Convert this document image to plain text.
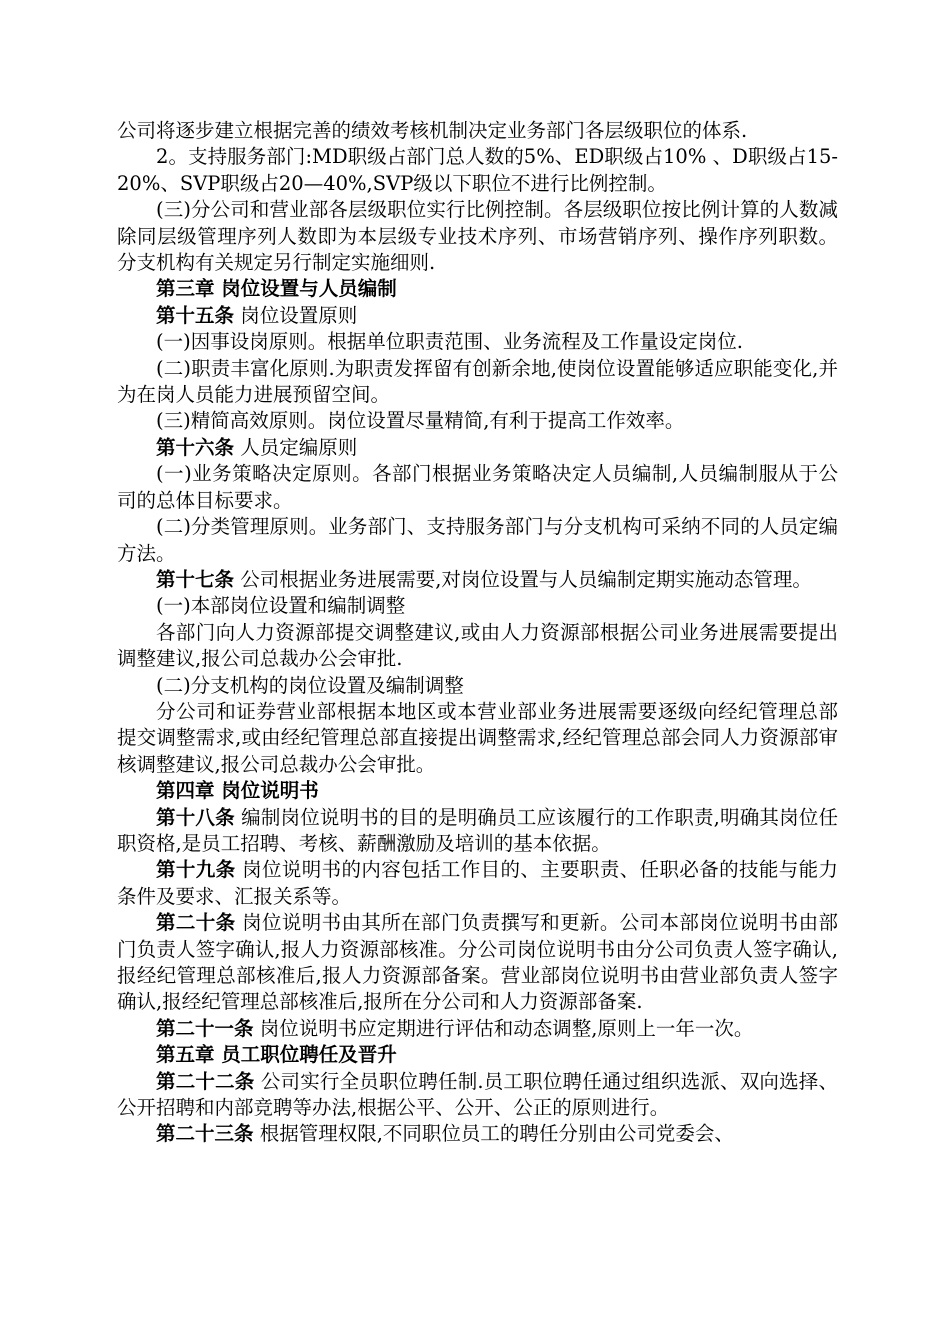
公司将逐步建立根据完善的绩效考核机制决定业务部门各层级职位的体系.

2。支持服务部门:MD职级占部门总人数的5%、ED职级占10% 、D职级占15-20%、SVP职级占20—40%,SVP级以下职位不进行比例控制。

(三)分公司和营业部各层级职位实行比例控制。各层级职位按比例计算的人数减除同层级管理序列人数即为本层级专业技术序列、市场营销序列、操作序列职数。分支机构有关规定另行制定实施细则.

第三章 岗位设置与人员编制

第十五条 岗位设置原则

(一)因事设岗原则。根据单位职责范围、业务流程及工作量设定岗位.

(二)职责丰富化原则.为职责发挥留有创新余地,使岗位设置能够适应职能变化,并为在岗人员能力进展预留空间。

(三)精简高效原则。岗位设置尽量精简,有利于提高工作效率。

第十六条 人员定编原则

(一)业务策略决定原则。各部门根据业务策略决定人员编制,人员编制服从于公司的总体目标要求。

(二)分类管理原则。业务部门、支持服务部门与分支机构可采纳不同的人员定编方法。

第十七条 公司根据业务进展需要,对岗位设置与人员编制定期实施动态管理。

(一)本部岗位设置和编制调整

各部门向人力资源部提交调整建议,或由人力资源部根据公司业务进展需要提出调整建议,报公司总裁办公会审批.

(二)分支机构的岗位设置及编制调整

分公司和证券营业部根据本地区或本营业部业务进展需要逐级向经纪管理总部提交调整需求,或由经纪管理总部直接提出调整需求,经纪管理总部会同人力资源部审核调整建议,报公司总裁办公会审批。

第四章 岗位说明书

第十八条 编制岗位说明书的目的是明确员工应该履行的工作职责,明确其岗位任职资格,是员工招聘、考核、薪酬激励及培训的基本依据。

第十九条 岗位说明书的内容包括工作目的、主要职责、任职必备的技能与能力条件及要求、汇报关系等。

第二十条 岗位说明书由其所在部门负责撰写和更新。公司本部岗位说明书由部门负责人签字确认,报人力资源部核准。分公司岗位说明书由分公司负责人签字确认,报经纪管理总部核准后,报人力资源部备案。营业部岗位说明书由营业部负责人签字确认,报经纪管理总部核准后,报所在分公司和人力资源部备案.

第二十一条 岗位说明书应定期进行评估和动态调整,原则上一年一次。

第五章 员工职位聘任及晋升

第二十二条 公司实行全员职位聘任制.员工职位聘任通过组织选派、双向选择、公开招聘和内部竞聘等办法,根据公平、公开、公正的原则进行。

第二十三条 根据管理权限,不同职位员工的聘任分别由公司党委会、
